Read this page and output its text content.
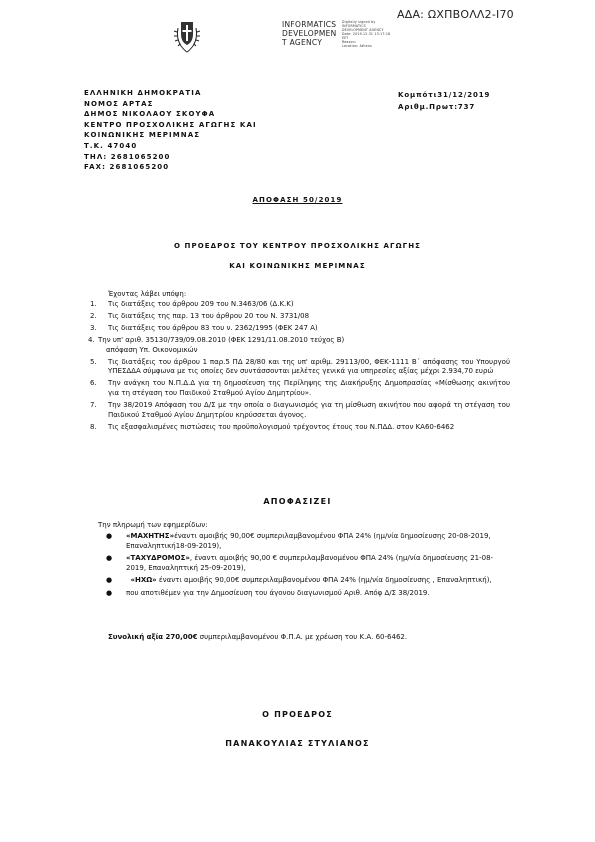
ΑΔΑ: ΩΧΠΒΟΛΛ2-Ι70
INFORMATICS
DEVELOPMEN
T AGENCY
Digitally signed by
INFORMATICS
DEVELOPMENT AGENCY
Date: 2019.12.31 13:17:18
EET
Reason:
Location: Athens
ΕΛΛΗΝΙΚΗ ΔΗΜΟΚΡΑΤΙΑ
ΝΟΜΟΣ ΑΡΤΑΣ
ΔΗΜΟΣ ΝΙΚΟΛΑΟΥ ΣΚΟΥΦΑ
ΚΕΝΤΡΟ ΠΡΟΣΧΟΛΙΚΗΣ ΑΓΩΓΗΣ ΚΑΙ
ΚΟΙΝΩΝΙΚΗΣ ΜΕΡΙΜΝΑΣ
Τ.Κ. 47040
ΤΗΛ: 2681065200
FAX: 2681065200
Κομπότι31/12/2019
Αριθμ.Πρωτ:737
ΑΠΟΦΑΣΗ 50/2019
Ο ΠΡΟΕΔΡΟΣ ΤΟΥ ΚΕΝΤΡΟΥ ΠΡΟΣΧΟΛΙΚΗΣ ΑΓΩΓΗΣ
ΚΑΙ ΚΟΙΝΩΝΙΚΗΣ ΜΕΡΙΜΝΑΣ
Έχοντας λάβει υπόψη:
1.	Τις διατάξεις του άρθρου 209 του Ν.3463/06 (Δ.Κ.Κ)
2.	Τις διατάξεις της παρ. 13 του άρθρου 20 του Ν. 3731/08
3.	Τις διατάξεις του άρθρου 83 του ν. 2362/1995 (ΦΕΚ 247 Α)
4. Την υπ' αριθ. 35130/739/09.08.2010 (ΦΕΚ 1291/11.08.2010 τεύχος Β)
απόφαση Υπ. Οικονομικών
5.	Τις διατάξεις του άρθρου 1 παρ.5 ΠΔ 28/80 και της υπ' αριθμ. 29113/00, ΦΕΚ-1111 Β΄ απόφασης του Υπουργού ΥΠΕΣΔΔΑ σύμφωνα με τις οποίες δεν συντάσσονται μελέτες γενικά για υπηρεσίες αξίας μέχρι 2.934,70 ευρώ
6.	Την ανάγκη του Ν.Π.Δ.Δ για τη δημοσίευση της Περίληψης της Διακήρυξης Δημοπρασίας «Μίσθωσης ακινήτου για τη στέγαση του Παιδικού Σταθμού Αγίου Δημητρίου».
7.	Την 38/2019 Απόφαση του Δ/Σ με την οποία ο διαγωνισμός για τη μίσθωση ακινήτου που αφορά τη στέγαση του Παιδικού Σταθμού Αγίου Δημητρίου κηρύσσεται άγονος.
8.	Τις εξασφαλισμένες πιστώσεις του προϋπολογισμού τρέχοντος έτους του Ν.ΠΔΔ. στον ΚΑ60-6462
ΑΠΟΦΑΣΙΖΕΙ
Την πληρωμή των εφημερίδων:
●	«ΜΑΧΗΤΗΣ»έναντι αμοιβής 90,00€ συμπεριλαμβανομένου ΦΠΑ 24% (ημ/νία δημοσίευσης 20-08-2019, Επαναληπτική18-09-2019),
●	«ΤΑΧΥΔΡΟΜΟΣ», έναντι αμοιβής 90,00 € συμπεριλαμβανομένου ΦΠΑ 24% (ημ/νία δημοσίευσης 21-08-2019, Επαναληπτική 25-09-2019),
●	«ΗΧΩ» έναντι αμοιβής 90,00€ συμπεριλαμβανομένου ΦΠΑ 24% (ημ/νία δημοσίευσης , Επαναληπτική),
●	που αποτιθέμεν για την Δημοσίευση του άγονου διαγωνισμού Αριθ. Απόφ Δ/Σ 38/2019.
Συνολική αξία 270,00€ συμπεριλαμβανομένου Φ.Π.Α. με χρέωση του Κ.Α. 60-6462.
Ο ΠΡΟΕΔΡΟΣ
ΠΑΝΑΚΟΥΛΙΑΣ ΣΤΥΛΙΑΝΟΣ
